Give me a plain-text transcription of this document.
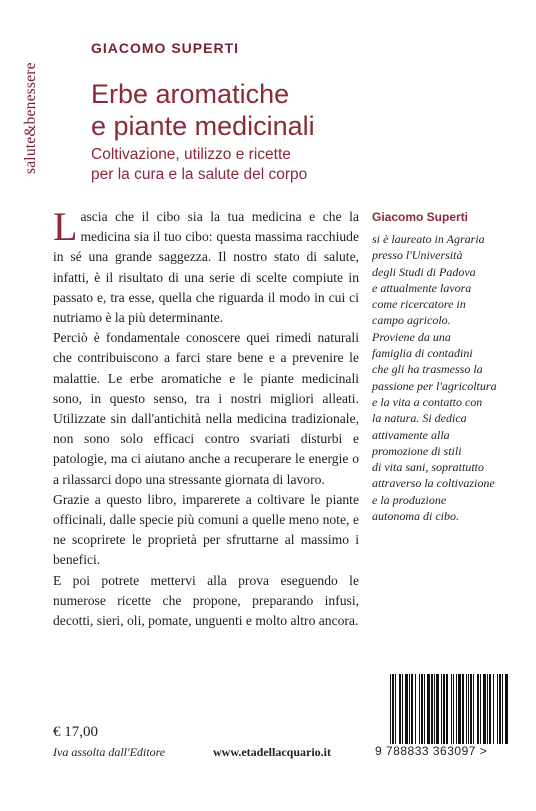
salute&benessere
GIACOMO SUPERTI
Erbe aromatiche
e piante medicinali
Coltivazione, utilizzo e ricette
per la cura e la salute del corpo

Lascia che il cibo sia la tua medicina e che la medicina sia il tuo cibo: questa massima racchiude in sé una grande saggezza. Il nostro stato di salute, infatti, è il risultato di una serie di scelte compiute in passato e, tra esse, quella che riguarda il modo in cui ci nutriamo è la più determinante.

Perciò è fondamentale conoscere quei rimedi naturali che contribuiscono a farci stare bene e a prevenire le malattie. Le erbe aromatiche e le piante medicinali sono, in questo senso, tra i nostri migliori alleati. Utilizzate sin dall'antichità nella medicina tradizionale, non sono solo efficaci contro svariati disturbi e patologie, ma ci aiutano anche a recuperare le energie o a rilassarci dopo una stressante giornata di lavoro.

Grazie a questo libro, imparerete a coltivare le piante officinali, dalle specie più comuni a quelle meno note, e ne scoprirete le proprietà per sfruttarne al massimo i benefici.

E poi potrete mettervi alla prova eseguendo le numerose ricette che propone, preparando infusi, decotti, sieri, oli, pomate, unguenti e molto altro ancora.

Giacomo Superti
si è laureato in Agraria
presso l'Università
degli Studi di Padova
e attualmente lavora
come ricercatore in
campo agricolo.
Proviene da una
famiglia di contadini
che gli ha trasmesso la
passione per l'agricoltura
e la vita a contatto con
la natura. Si dedica
attivamente alla
promozione di stili
di vita sani, soprattutto
attraverso la coltivazione
e la produzione
autonoma di cibo.
€ 17,00
Iva assolta dall'Editore	www.etadellacquario.it	9 788833 363097 >
